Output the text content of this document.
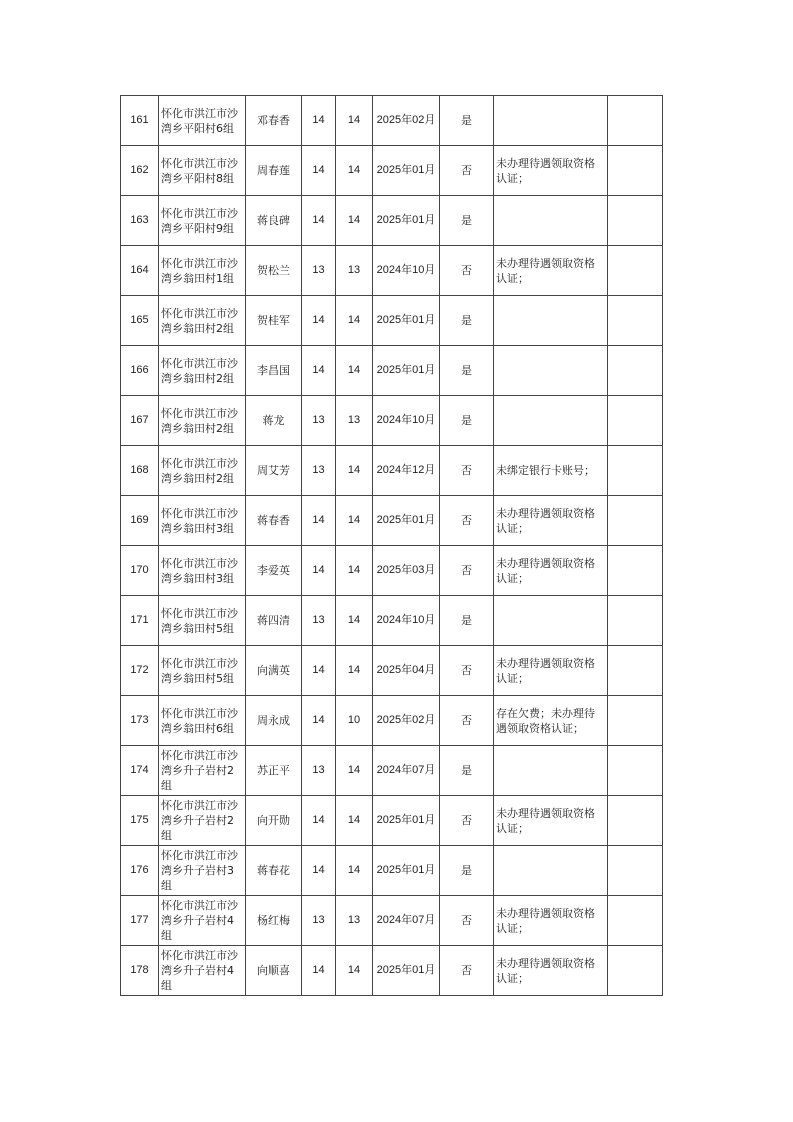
161	怀化市洪江市沙湾乡平阳村6组	邓春香	14	14	2025年02月	是		
162	怀化市洪江市沙湾乡平阳村8组	周春莲	14	14	2025年01月	否	未办理待遇领取资格认证；	
163	怀化市洪江市沙湾乡平阳村9组	蒋良碑	14	14	2025年01月	是		
164	怀化市洪江市沙湾乡翁田村1组	贺松兰	13	13	2024年10月	否	未办理待遇领取资格认证；	
165	怀化市洪江市沙湾乡翁田村2组	贺桂军	14	14	2025年01月	是		
166	怀化市洪江市沙湾乡翁田村2组	李昌国	14	14	2025年01月	是		
167	怀化市洪江市沙湾乡翁田村2组	蒋龙	13	13	2024年10月	是		
168	怀化市洪江市沙湾乡翁田村2组	周艾芳	13	14	2024年12月	否	未绑定银行卡账号；	
169	怀化市洪江市沙湾乡翁田村3组	蒋春香	14	14	2025年01月	否	未办理待遇领取资格认证；	
170	怀化市洪江市沙湾乡翁田村3组	李爱英	14	14	2025年03月	否	未办理待遇领取资格认证；	
171	怀化市洪江市沙湾乡翁田村5组	蒋四清	13	14	2024年10月	是		
172	怀化市洪江市沙湾乡翁田村5组	向满英	14	14	2025年04月	否	未办理待遇领取资格认证；	
173	怀化市洪江市沙湾乡翁田村6组	周永成	14	10	2025年02月	否	存在欠费；未办理待遇领取资格认证；	
174	怀化市洪江市沙湾乡升子岩村2组	苏正平	13	14	2024年07月	是		
175	怀化市洪江市沙湾乡升子岩村2组	向开勋	14	14	2025年01月	否	未办理待遇领取资格认证；	
176	怀化市洪江市沙湾乡升子岩村3组	蒋春花	14	14	2025年01月	是		
177	怀化市洪江市沙湾乡升子岩村4组	杨红梅	13	13	2024年07月	否	未办理待遇领取资格认证；	
178	怀化市洪江市沙湾乡升子岩村4组	向顺喜	14	14	2025年01月	否	未办理待遇领取资格认证；	
